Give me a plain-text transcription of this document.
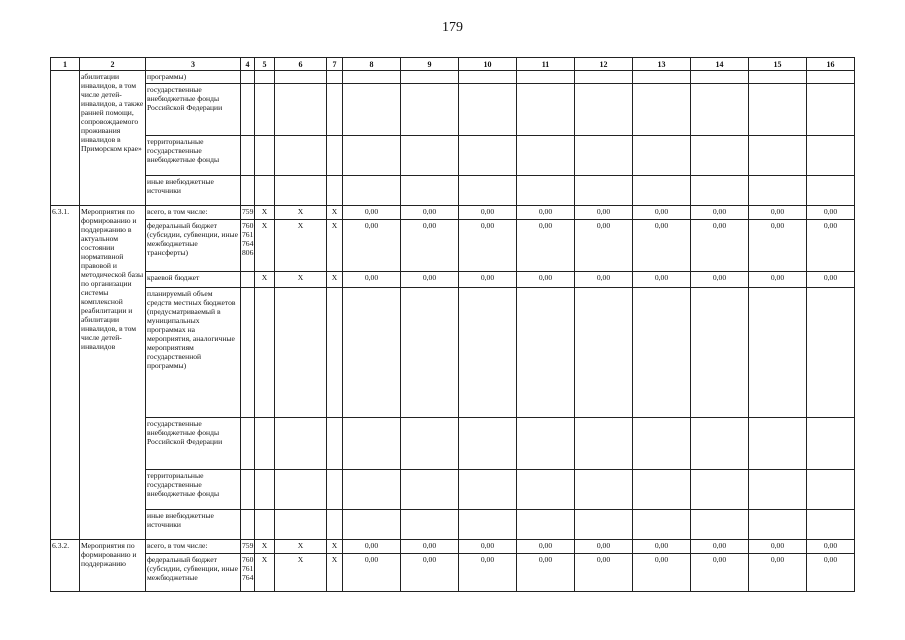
179
1	2	3	4	5	6	7	8	9	10	11	12	13	14	15	16
	абилитации инвалидов, в том числе детей-инвалидов, а также ранней помощи, сопровождаемого проживания инвалидов в Приморском крае»	программы)													
		государственные внебюджетные фонды Российской Федерации													
		территориальные государственные внебюджетные фонды													
		иные внебюджетные источники													
6.3.1.	Мероприятия по формированию и поддержанию в актуальном состоянии нормативной правовой и методической базы по организации системы комплексной реабилитации и абилитации инвалидов, в том числе детей-инвалидов	всего, в том числе:	759	X	X	X	0,00	0,00	0,00	0,00	0,00	0,00	0,00	0,00	0,00
		федеральный бюджет (субсидии, субвенции, иные межбюджетные трансферты)	760 761 764 806	X	X	X	0,00	0,00	0,00	0,00	0,00	0,00	0,00	0,00	0,00
		краевой бюджет		X	X	X	0,00	0,00	0,00	0,00	0,00	0,00	0,00	0,00	0,00
		планируемый объем средств местных бюджетов (предусматриваемый в муниципальных программах на мероприятия, аналогичные мероприятиям государственной программы)													
		государственные внебюджетные фонды Российской Федерации													
		территориальные государственные внебюджетные фонды													
		иные внебюджетные источники													
6.3.2.	Мероприятия по формированию и поддержанию	всего, в том числе:	759	X	X	X	0,00	0,00	0,00	0,00	0,00	0,00	0,00	0,00	0,00
		федеральный бюджет (субсидии, субвенции, иные межбюджетные	760 761 764	X	X	X	0,00	0,00	0,00	0,00	0,00	0,00	0,00	0,00	0,00
